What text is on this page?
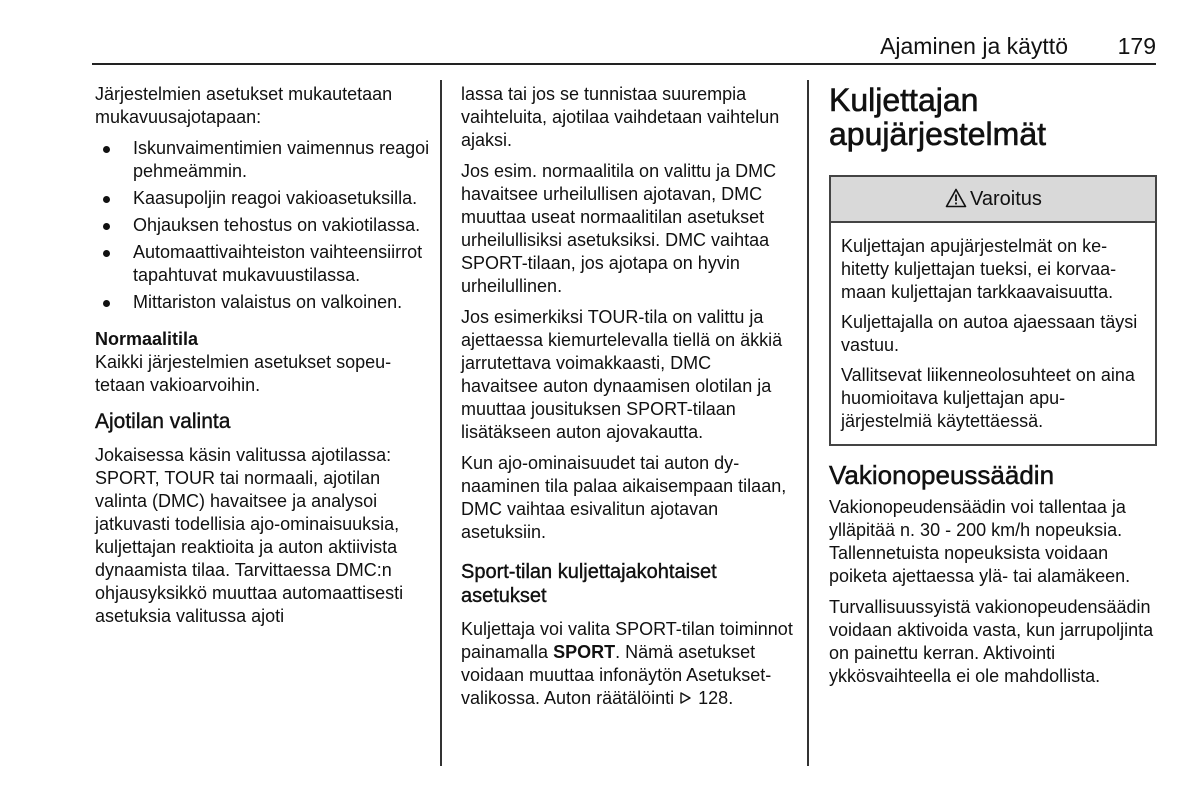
Ajaminen ja käyttö 179

Järjestelmien asetukset mukautetaan mukavuusajotapaan:

Iskunvaimentimien vaimennus reagoi pehmeämmin.
Kaasupoljin reagoi vakioasetuksilla.
Ohjauksen tehostus on vakiotilassa.
Automaattivaihteiston vaihteensiirrot tapahtuvat mukavuustilassa.
Mittariston valaistus on valkoinen.
Normaalitila

Kaikki järjestelmien asetukset sopeutetaan vakioarvoihin.

Ajotilan valinta

Jokaisessa käsin valitussa ajotilassa: SPORT, TOUR tai normaali, ajotilan valinta (DMC) havaitsee ja analysoi jatkuvasti todellisia ajo-ominaisuuksia, kuljettajan reaktioita ja auton aktiivista dynaamista tilaa. Tarvittaessa DMC:n ohjausyksikkö muuttaa automaattisesti asetuksia valitussa ajoti

lassa tai jos se tunnistaa suurempia vaihteluita, ajotilaa vaihdetaan vaihtelun ajaksi.

Jos esim. normaalitila on valittu ja DMC havaitsee urheilullisen ajotavan, DMC muuttaa useat normaalitilan asetukset urheilullisiksi asetuksiksi. DMC vaihtaa SPORT-tilaan, jos ajotapa on hyvin urheilullinen.

Jos esimerkiksi TOUR-tila on valittu ja ajettaessa kiemurtelevalla tiellä on äkkiä jarrutettava voimakkaasti, DMC havaitsee auton dynaamisen olotilan ja muuttaa jousituksen SPORT-tilaan lisätäkseen auton ajovakautta.

Kun ajo-ominaisuudet tai auton dynaaminen tila palaa aikaisempaan tilaan, DMC vaihtaa esivalitun ajotavan asetuksiin.

Sport-tilan kuljettajakohtaiset asetukset

Kuljettaja voi valita SPORT-tilan toiminnot painamalla SPORT. Nämä asetukset voidaan muuttaa infonäytön Asetukset-valikossa. Auton räätälöinti  128.

Kuljettajan apujärjestelmät
Varoitus

Kuljettajan apujärjestelmät on kehitetty kuljettajan tueksi, ei korvaamaan kuljettajan tarkkaavaisuutta.

Kuljettajalla on autoa ajaessaan täysi vastuu.

Vallitsevat liikenneolosuhteet on aina huomioitava kuljettajan apujärjestelmiä käytettäessä.

Vakionopeussäädin

Vakionopeudensäädin voi tallentaa ja ylläpitää n. 30 - 200 km/h nopeuksia. Tallennetuista nopeuksista voidaan poiketa ajettaessa ylä- tai alamäkeen.

Turvallisuussyistä vakionopeudensäädin voidaan aktivoida vasta, kun jarrupoljinta on painettu kerran. Aktivointi ykkösvaihteella ei ole mahdollista.
